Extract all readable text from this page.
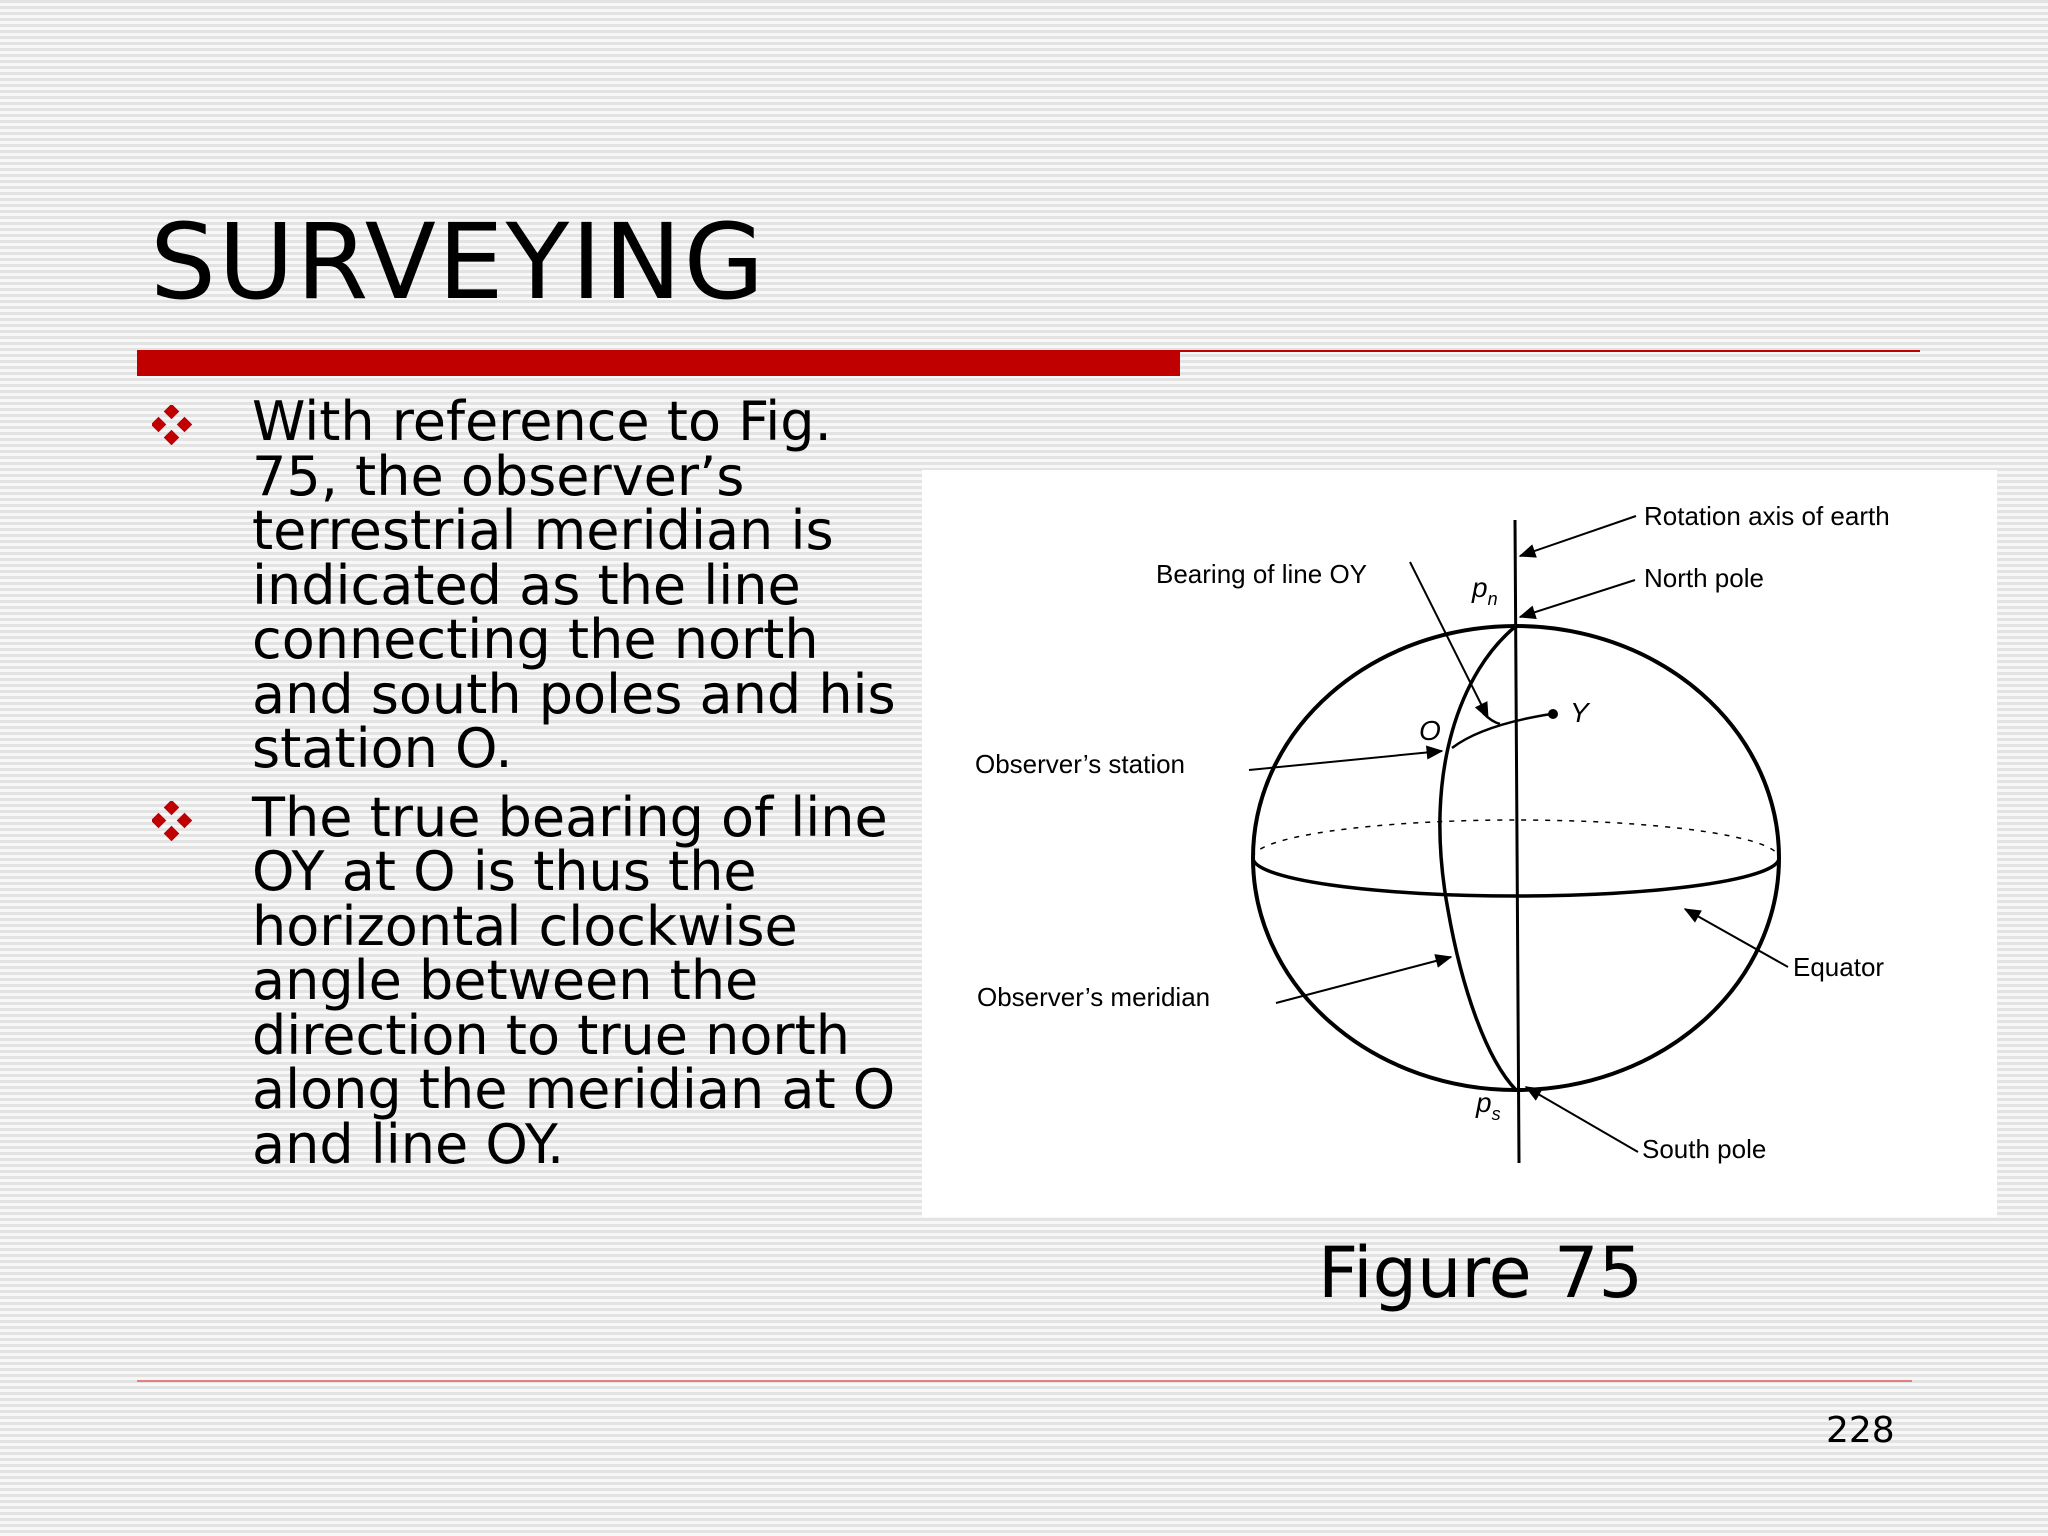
SURVEYING
With reference to Fig. 75, the observer’s terrestrial meridian is indicated as the line connecting the north and south poles and his station O.
The true bearing of line OY at O is thus the horizontal clockwise angle between the direction to true north along the meridian at O and line OY.
Rotation axis of earth
North pole
Bearing of line OY	$p_n$
O
Y
Observer’s station
Equator
Observer’s meridian
$p_s$
South pole
Figure 75
228
